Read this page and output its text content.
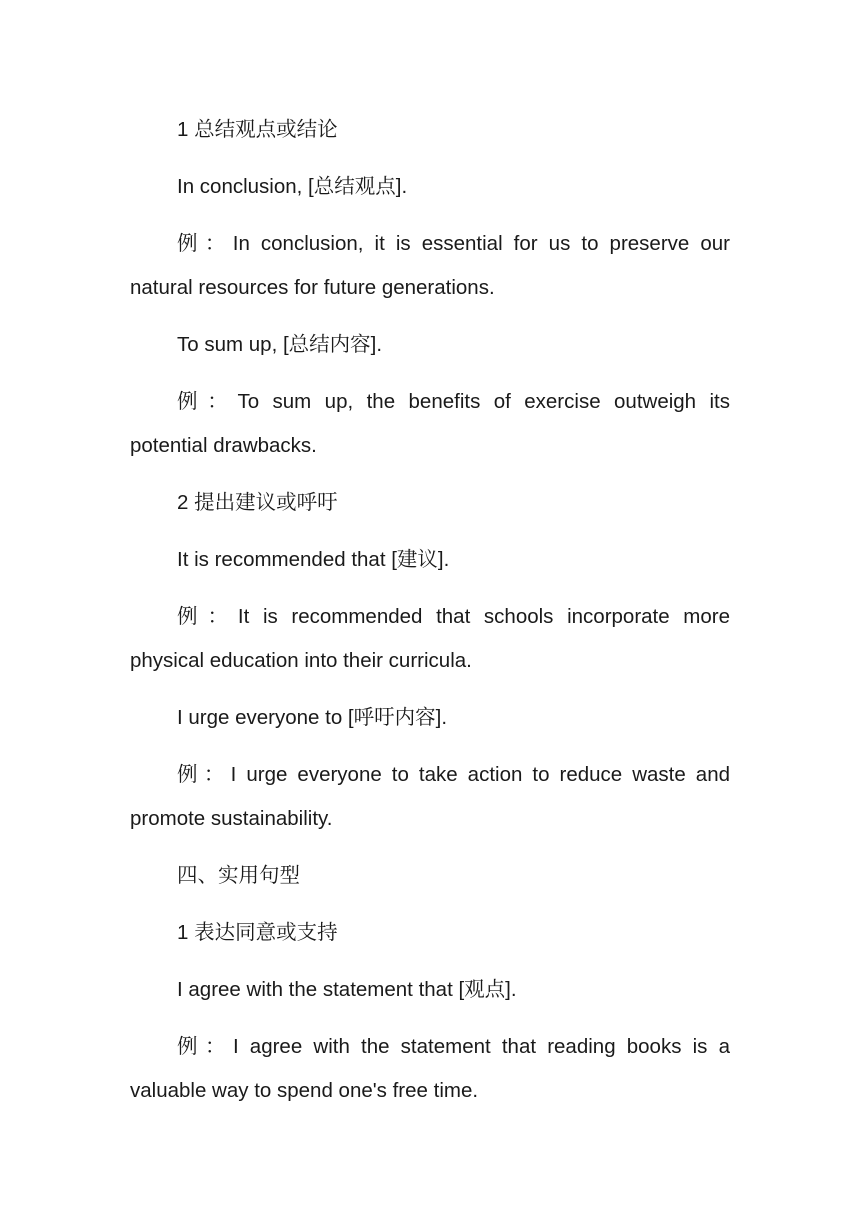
1 总结观点或结论
In conclusion, [总结观点].
例：In conclusion, it is essential for us to preserve our natural resources for future generations.
To sum up, [总结内容].
例：To sum up, the benefits of exercise outweigh its potential drawbacks.
2 提出建议或呼吁
It is recommended that [建议].
例：It is recommended that schools incorporate more physical education into their curricula.
I urge everyone to [呼吁内容].
例：I urge everyone to take action to reduce waste and promote sustainability.
四、实用句型
1 表达同意或支持
I agree with the statement that [观点].
例：I agree with the statement that reading books is a valuable way to spend one's free time.
